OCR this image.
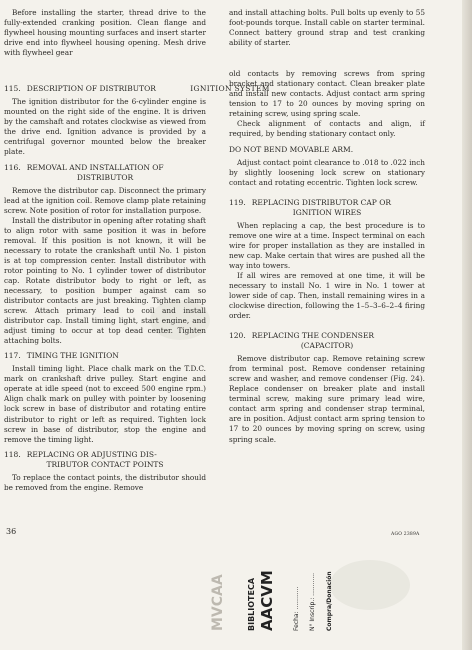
Before installing the starter, thread drive to the fully-extended cranking position. Clean flange and flywheel housing mounting surfaces and insert starter drive end into flywheel housing opening. Mesh drive with flywheel gear

115. DESCRIPTION OF DISTRIBUTOR

The ignition distributor for the 6-cylinder engine is mounted on the right side of the engine. It is driven by the camshaft and rotates clockwise as viewed from the drive end. Ignition advance is provided by a centrifugal governor mounted below the breaker plate.

116. REMOVAL AND INSTALLATION OF
DISTRIBUTOR

Remove the distributor cap. Disconnect the primary lead at the ignition coil. Remove clamp plate retaining screw. Note position of rotor for installation purpose.

Install the distributor in opening after rotating shaft to align rotor with same position it was in before removal. If this position is not known, it will be necessary to rotate the crankshaft until No. 1 piston is at top compression center. Install distributor with rotor pointing to No. 1 cylinder tower of distributor cap. Rotate distributor body to right or left, as necessary, to position bumper against cam so distributor contacts are just breaking. Tighten clamp screw. Attach primary lead to coil and install distributor cap. Install timing light, start engine, and adjust timing to occur at top dead center. Tighten attaching bolts.

117. TIMING THE IGNITION

Install timing light. Place chalk mark on the T.D.C. mark on crankshaft drive pulley. Start engine and operate at idle speed (not to exceed 500 engine rpm.) Align chalk mark on pulley with pointer by loosening lock screw in base of distributor and rotating entire distributor to right or left as required. Tighten lock screw in base of distributor, stop the engine and remove the timing light.

118. REPLACING OR ADJUSTING DIS-
TRIBUTOR CONTACT POINTS

To replace the contact points, the distributor should be removed from the engine. Remove

IGNITION SYSTEM

and install attaching bolts. Pull bolts up evenly to 55 foot-pounds torque. Install cable on starter terminal. Connect battery ground strap and test cranking ability of starter.

old contacts by removing screws from spring bracket and stationary contact. Clean breaker plate and install new contacts. Adjust contact arm spring tension to 17 to 20 ounces by moving spring on retaining screw, using spring scale.

Check alignment of contacts and align, if required, by bending stationary contact only.

DO NOT BEND MOVABLE ARM.

Adjust contact point clearance to .018 to .022 inch by slightly loosening lock screw on stationary contact and rotating eccentric. Tighten lock screw.

119. REPLACING DISTRIBUTOR CAP OR
IGNITION WIRES

When replacing a cap, the best procedure is to remove one wire at a time. Inspect terminal on each wire for proper installation as they are installed in new cap. Make certain that wires are pushed all the way into towers.

If all wires are removed at one time, it will be necessary to install No. 1 wire in No. 1 tower at lower side of cap. Then, install remaining wires in a clockwise direction, following the 1–5–3–6–2–4 firing order.

120. REPLACING THE CONDENSER
(CAPACITOR)

Remove distributor cap. Remove retaining screw from terminal post. Remove condenser retaining screw and washer, and remove condenser (Fig. 24). Replace condenser on breaker plate and install terminal screw, making sure primary lead wire, contact arm spring and condenser strap terminal, are in position. Adjust contact arm spring tension to 17 to 20 ounces by moving spring on screw, using spring scale.

36	AGO 2389A
MVCAA	BIBLIOTECA AACVM	Fecha: ............ N° Inscrip.: ............ Compra/Donación
